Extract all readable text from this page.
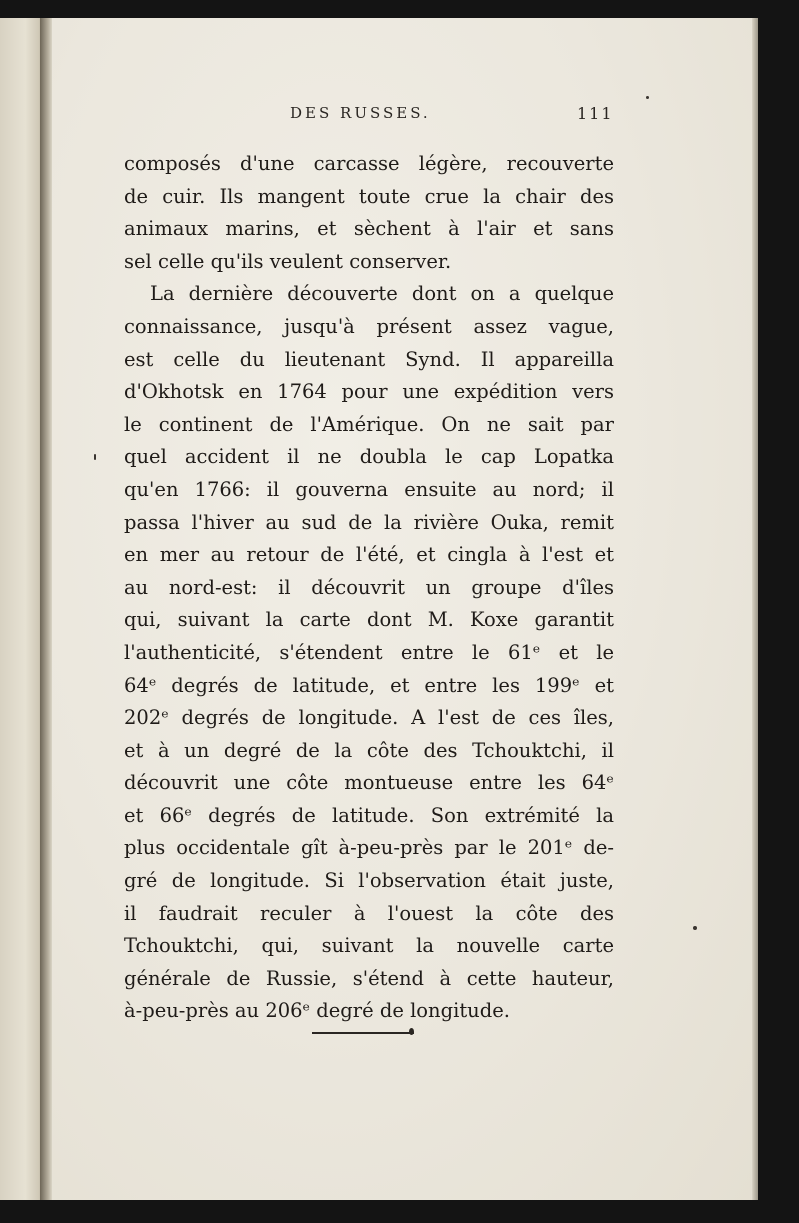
DES RUSSES.	111
composés d'une carcasse légère, recouverte
de cuir. Ils mangent toute crue la chair des
animaux marins, et sèchent à l'air et sans
sel celle qu'ils veulent conserver.
La dernière découverte dont on a quelque
connaissance, jusqu'à présent assez vague,
est celle du lieutenant Synd. Il appareilla
d'Okhotsk en 1764 pour une expédition vers
le continent de l'Amérique. On ne sait par
quel accident il ne doubla le cap Lopatka
qu'en 1766: il gouverna ensuite au nord; il
passa l'hiver au sud de la rivière Ouka, remit
en mer au retour de l'été, et cingla à l'est et
au nord-est: il découvrit un groupe d'îles
qui, suivant la carte dont M. Koxe garantit
l'authenticité, s'étendent entre le 61ᵉ et le
64ᵉ degrés de latitude, et entre les 199ᵉ et
202ᵉ degrés de longitude. A l'est de ces îles,
et à un degré de la côte des Tchouktchi, il
découvrit une côte montueuse entre les 64ᵉ
et 66ᵉ degrés de latitude. Son extrémité la
plus occidentale gît à-peu-près par le 201ᵉ de-
gré de longitude. Si l'observation était juste,
il faudrait reculer à l'ouest la côte des
Tchouktchi, qui, suivant la nouvelle carte
générale de Russie, s'étend à cette hauteur,
à-peu-près au 206ᵉ degré de longitude.
